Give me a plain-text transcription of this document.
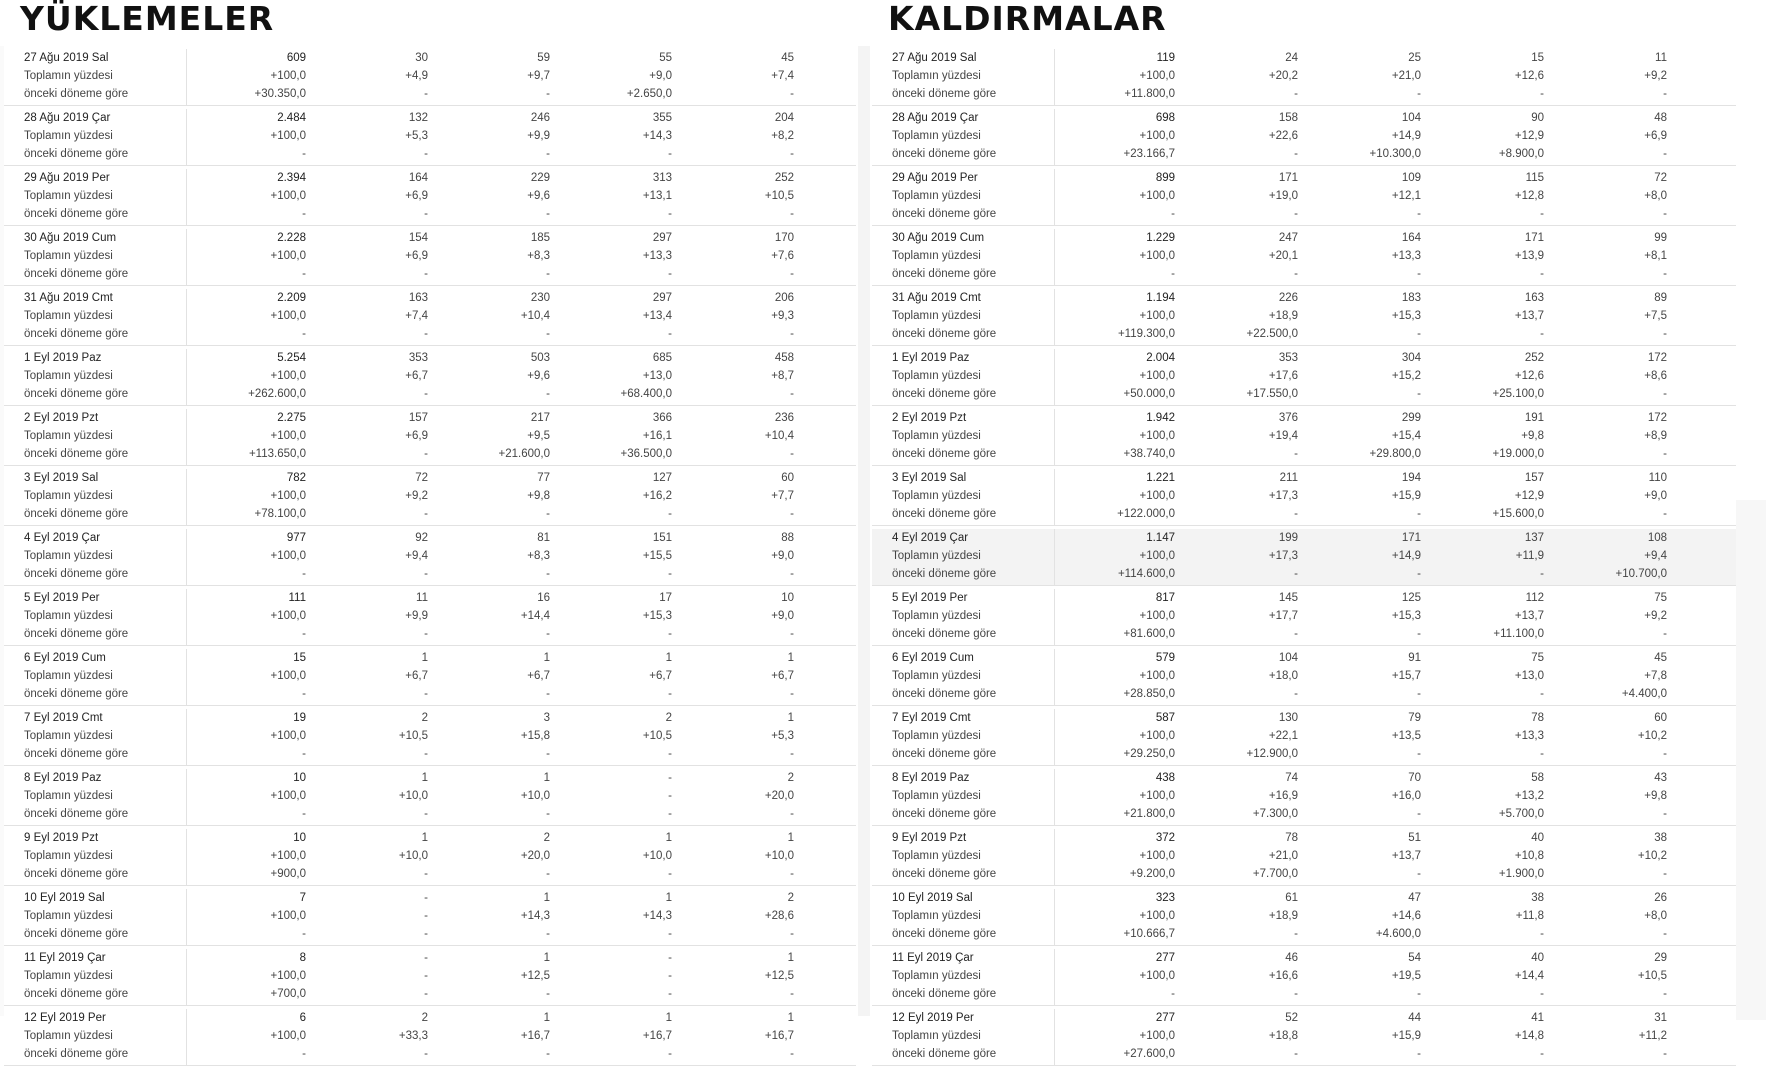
YÜKLEMELER	KALDIRMALAR
27 Ağu 2019 Sal	609	30	59	55	45
Toplamın yüzdesi	+100,0	+4,9	+9,7	+9,0	+7,4
önceki döneme göre	+30.350,0	-	-	+2.650,0	-
28 Ağu 2019 Çar	2.484	132	246	355	204
Toplamın yüzdesi	+100,0	+5,3	+9,9	+14,3	+8,2
önceki döneme göre	-	-	-	-	-
29 Ağu 2019 Per	2.394	164	229	313	252
Toplamın yüzdesi	+100,0	+6,9	+9,6	+13,1	+10,5
önceki döneme göre	-	-	-	-	-
30 Ağu 2019 Cum	2.228	154	185	297	170
Toplamın yüzdesi	+100,0	+6,9	+8,3	+13,3	+7,6
önceki döneme göre	-	-	-	-	-
31 Ağu 2019 Cmt	2.209	163	230	297	206
Toplamın yüzdesi	+100,0	+7,4	+10,4	+13,4	+9,3
önceki döneme göre	-	-	-	-	-
1 Eyl 2019 Paz	5.254	353	503	685	458
Toplamın yüzdesi	+100,0	+6,7	+9,6	+13,0	+8,7
önceki döneme göre	+262.600,0	-	-	+68.400,0	-
2 Eyl 2019 Pzt	2.275	157	217	366	236
Toplamın yüzdesi	+100,0	+6,9	+9,5	+16,1	+10,4
önceki döneme göre	+113.650,0	-	+21.600,0	+36.500,0	-
3 Eyl 2019 Sal	782	72	77	127	60
Toplamın yüzdesi	+100,0	+9,2	+9,8	+16,2	+7,7
önceki döneme göre	+78.100,0	-	-	-	-
4 Eyl 2019 Çar	977	92	81	151	88
Toplamın yüzdesi	+100,0	+9,4	+8,3	+15,5	+9,0
önceki döneme göre	-	-	-	-	-
5 Eyl 2019 Per	111	11	16	17	10
Toplamın yüzdesi	+100,0	+9,9	+14,4	+15,3	+9,0
önceki döneme göre	-	-	-	-	-
6 Eyl 2019 Cum	15	1	1	1	1
Toplamın yüzdesi	+100,0	+6,7	+6,7	+6,7	+6,7
önceki döneme göre	-	-	-	-	-
7 Eyl 2019 Cmt	19	2	3	2	1
Toplamın yüzdesi	+100,0	+10,5	+15,8	+10,5	+5,3
önceki döneme göre	-	-	-	-	-
8 Eyl 2019 Paz	10	1	1	-	2
Toplamın yüzdesi	+100,0	+10,0	+10,0	-	+20,0
önceki döneme göre	-	-	-	-	-
9 Eyl 2019 Pzt	10	1	2	1	1
Toplamın yüzdesi	+100,0	+10,0	+20,0	+10,0	+10,0
önceki döneme göre	+900,0	-	-	-	-
10 Eyl 2019 Sal	7	-	1	1	2
Toplamın yüzdesi	+100,0	-	+14,3	+14,3	+28,6
önceki döneme göre	-	-	-	-	-
11 Eyl 2019 Çar	8	-	1	-	1
Toplamın yüzdesi	+100,0	-	+12,5	-	+12,5
önceki döneme göre	+700,0	-	-	-	-
12 Eyl 2019 Per	6	2	1	1	1
Toplamın yüzdesi	+100,0	+33,3	+16,7	+16,7	+16,7
önceki döneme göre	-	-	-	-	-
27 Ağu 2019 Sal	119	24	25	15	11
Toplamın yüzdesi	+100,0	+20,2	+21,0	+12,6	+9,2
önceki döneme göre	+11.800,0	-	-	-	-
28 Ağu 2019 Çar	698	158	104	90	48
Toplamın yüzdesi	+100,0	+22,6	+14,9	+12,9	+6,9
önceki döneme göre	+23.166,7	-	+10.300,0	+8.900,0	-
29 Ağu 2019 Per	899	171	109	115	72
Toplamın yüzdesi	+100,0	+19,0	+12,1	+12,8	+8,0
önceki döneme göre	-	-	-	-	-
30 Ağu 2019 Cum	1.229	247	164	171	99
Toplamın yüzdesi	+100,0	+20,1	+13,3	+13,9	+8,1
önceki döneme göre	-	-	-	-	-
31 Ağu 2019 Cmt	1.194	226	183	163	89
Toplamın yüzdesi	+100,0	+18,9	+15,3	+13,7	+7,5
önceki döneme göre	+119.300,0	+22.500,0	-	-	-
1 Eyl 2019 Paz	2.004	353	304	252	172
Toplamın yüzdesi	+100,0	+17,6	+15,2	+12,6	+8,6
önceki döneme göre	+50.000,0	+17.550,0	-	+25.100,0	-
2 Eyl 2019 Pzt	1.942	376	299	191	172
Toplamın yüzdesi	+100,0	+19,4	+15,4	+9,8	+8,9
önceki döneme göre	+38.740,0	-	+29.800,0	+19.000,0	-
3 Eyl 2019 Sal	1.221	211	194	157	110
Toplamın yüzdesi	+100,0	+17,3	+15,9	+12,9	+9,0
önceki döneme göre	+122.000,0	-	-	+15.600,0	-
4 Eyl 2019 Çar	1.147	199	171	137	108
Toplamın yüzdesi	+100,0	+17,3	+14,9	+11,9	+9,4
önceki döneme göre	+114.600,0	-	-	-	+10.700,0
5 Eyl 2019 Per	817	145	125	112	75
Toplamın yüzdesi	+100,0	+17,7	+15,3	+13,7	+9,2
önceki döneme göre	+81.600,0	-	-	+11.100,0	-
6 Eyl 2019 Cum	579	104	91	75	45
Toplamın yüzdesi	+100,0	+18,0	+15,7	+13,0	+7,8
önceki döneme göre	+28.850,0	-	-	-	+4.400,0
7 Eyl 2019 Cmt	587	130	79	78	60
Toplamın yüzdesi	+100,0	+22,1	+13,5	+13,3	+10,2
önceki döneme göre	+29.250,0	+12.900,0	-	-	-
8 Eyl 2019 Paz	438	74	70	58	43
Toplamın yüzdesi	+100,0	+16,9	+16,0	+13,2	+9,8
önceki döneme göre	+21.800,0	+7.300,0	-	+5.700,0	-
9 Eyl 2019 Pzt	372	78	51	40	38
Toplamın yüzdesi	+100,0	+21,0	+13,7	+10,8	+10,2
önceki döneme göre	+9.200,0	+7.700,0	-	+1.900,0	-
10 Eyl 2019 Sal	323	61	47	38	26
Toplamın yüzdesi	+100,0	+18,9	+14,6	+11,8	+8,0
önceki döneme göre	+10.666,7	-	+4.600,0	-	-
11 Eyl 2019 Çar	277	46	54	40	29
Toplamın yüzdesi	+100,0	+16,6	+19,5	+14,4	+10,5
önceki döneme göre	-	-	-	-	-
12 Eyl 2019 Per	277	52	44	41	31
Toplamın yüzdesi	+100,0	+18,8	+15,9	+14,8	+11,2
önceki döneme göre	+27.600,0	-	-	-	-
